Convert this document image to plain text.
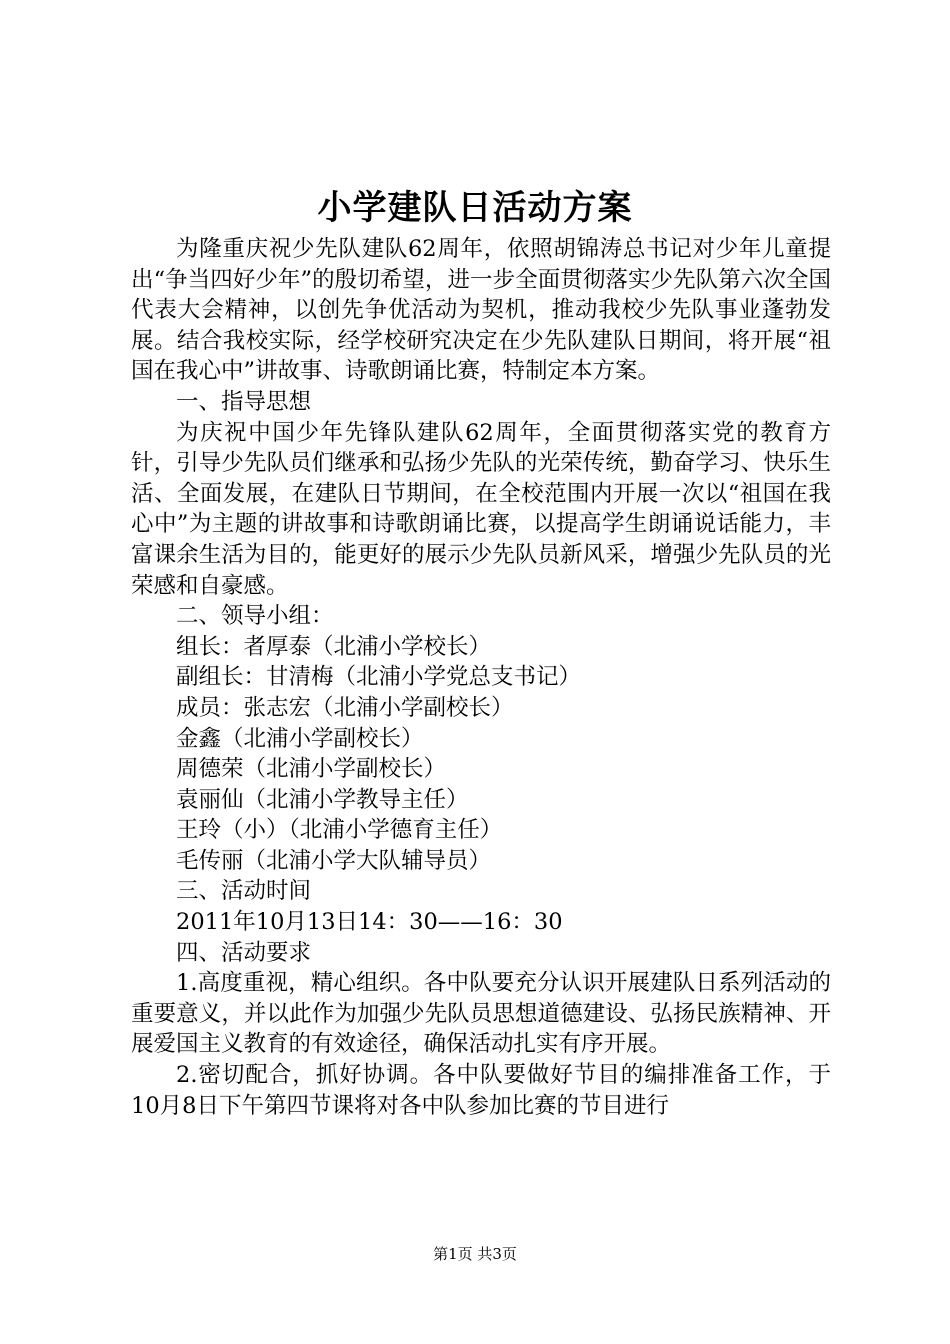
小学建队日活动方案

为隆重庆祝少先队建队62周年，依照胡锦涛总书记对少年儿童提出“争当四好少年”的殷切希望，进一步全面贯彻落实少先队第六次全国代表大会精神，以创先争优活动为契机，推动我校少先队事业蓬勃发展。结合我校实际，经学校研究决定在少先队建队日期间，将开展“祖国在我心中”讲故事、诗歌朗诵比赛，特制定本方案。

一、指导思想

为庆祝中国少年先锋队建队62周年，全面贯彻落实党的教育方针，引导少先队员们继承和弘扬少先队的光荣传统，勤奋学习、快乐生活、全面发展，在建队日节期间，在全校范围内开展一次以“祖国在我心中”为主题的讲故事和诗歌朗诵比赛，以提高学生朗诵说话能力，丰富课余生活为目的，能更好的展示少先队员新风采，增强少先队员的光荣感和自豪感。

二、领导小组：

组长：者厚泰（北浦小学校长）

副组长：甘清梅（北浦小学党总支书记）

成员：张志宏（北浦小学副校长）

金鑫（北浦小学副校长）

周德荣（北浦小学副校长）

袁丽仙（北浦小学教导主任）

王玲（小）（北浦小学德育主任）

毛传丽（北浦小学大队辅导员）

三、活动时间

2011年10月13日14：30——16：30

四、活动要求

1.高度重视，精心组织。各中队要充分认识开展建队日系列活动的重要意义，并以此作为加强少先队员思想道德建设、弘扬民族精神、开展爱国主义教育的有效途径，确保活动扎实有序开展。

2.密切配合，抓好协调。各中队要做好节目的编排准备工作，于10月8日下午第四节课将对各中队参加比赛的节目进行

第1页 共3页
